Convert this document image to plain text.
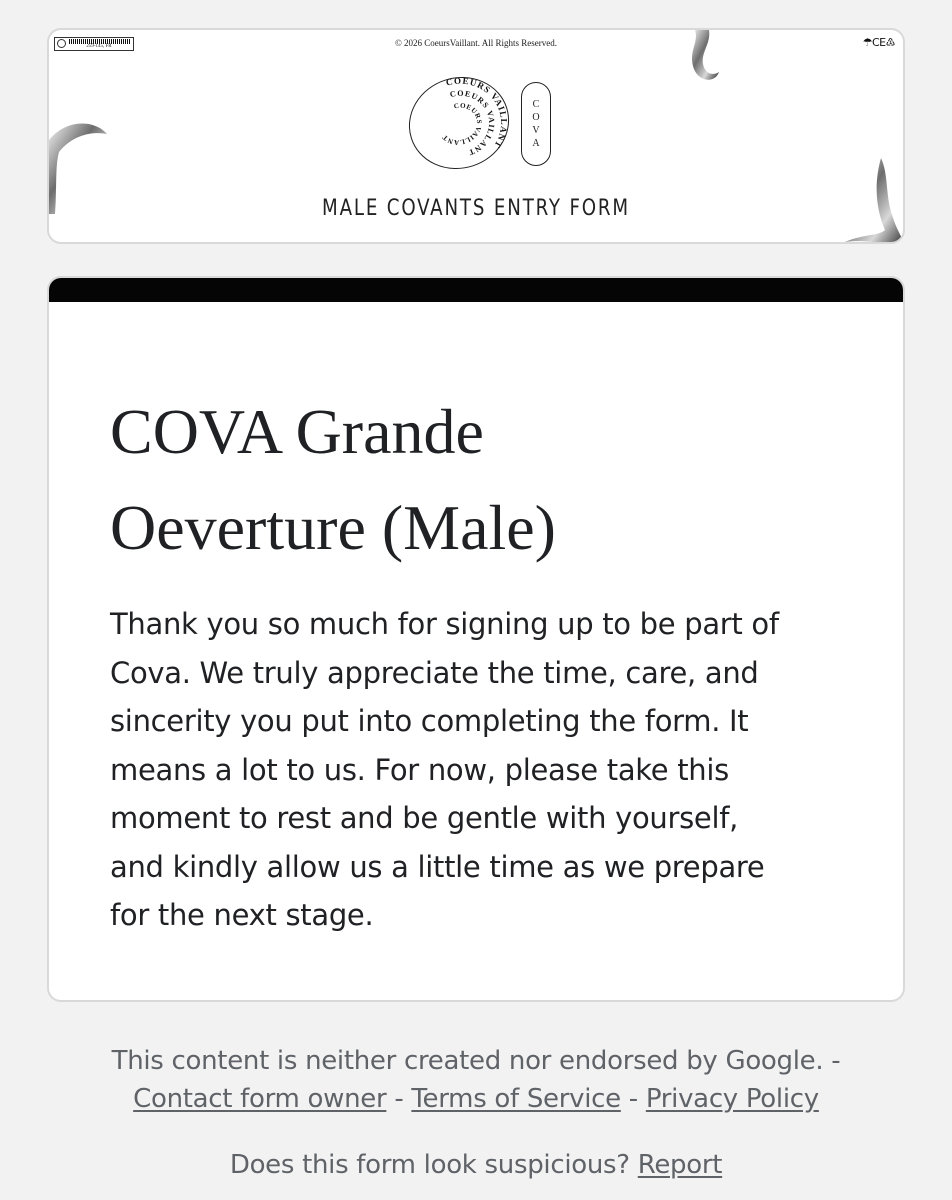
259-145, FR	© 2026 CoeursVaillant. All Rights Reserved.	☂CE♳
COEURS VAILLANT
COEURS VAILLANT
COEURS VAILLANT
C
O
V
A
MALE COVANTS ENTRY FORM
COVA Grande
Oeverture (Male)

Thank you so much for signing up to be part of
Cova. We truly appreciate the time, care, and
sincerity you put into completing the form. It
means a lot to us. For now, please take this
moment to rest and be gentle with yourself,
and kindly allow us a little time as we prepare
for the next stage.

This content is neither created nor endorsed by Google. -
Contact form owner - Terms of Service - Privacy Policy
Does this form look suspicious? Report
